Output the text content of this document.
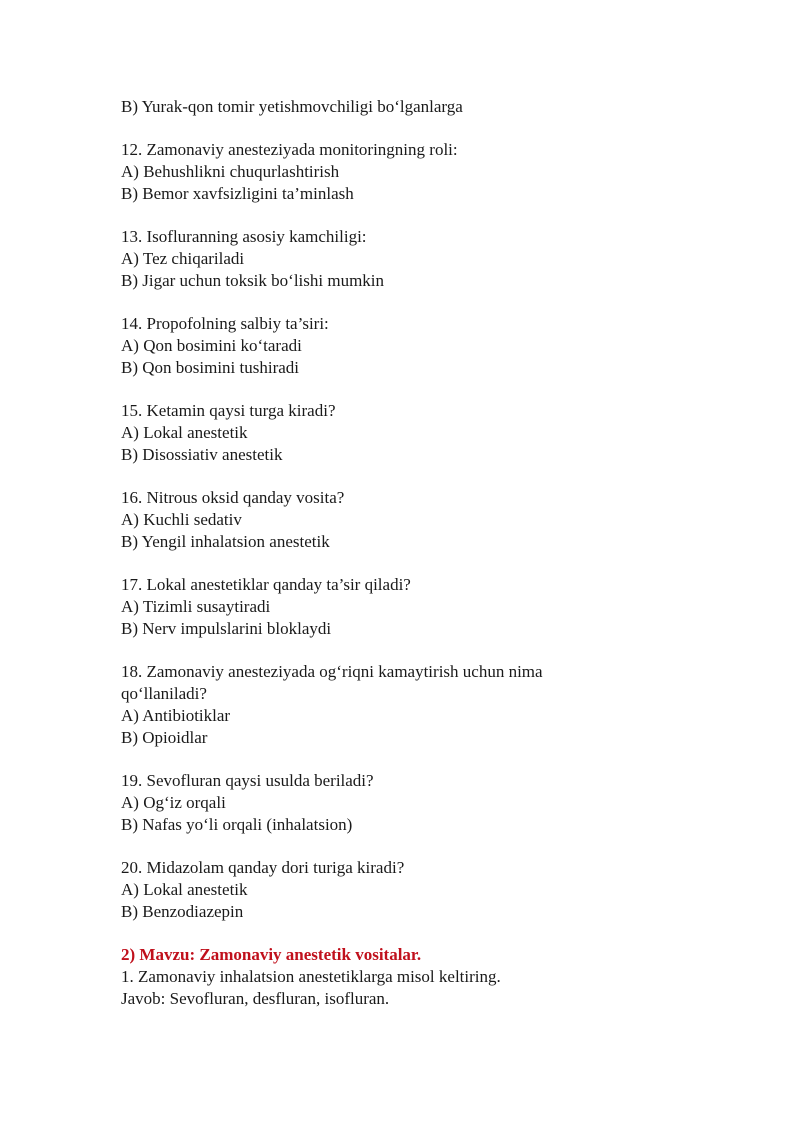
B) Yurak-qon tomir yetishmovchiligi bo‘lganlarga
12. Zamonaviy anesteziyada monitoringning roli:
A) Behushlikni chuqurlashtirish
B) Bemor xavfsizligini ta’minlash
13. Isofluranning asosiy kamchiligi:
A) Tez chiqariladi
B) Jigar uchun toksik bo‘lishi mumkin
14. Propofolning salbiy ta’siri:
A) Qon bosimini ko‘taradi
B) Qon bosimini tushiradi
15. Ketamin qaysi turga kiradi?
A) Lokal anestetik
B) Disossiativ anestetik
16. Nitrous oksid qanday vosita?
A) Kuchli sedativ
B) Yengil inhalatsion anestetik
17. Lokal anestetiklar qanday ta’sir qiladi?
A) Tizimli susaytiradi
B) Nerv impulslarini bloklaydi
18. Zamonaviy anesteziyada og‘riqni kamaytirish uchun nima
qo‘llaniladi?
A) Antibiotiklar
B) Opioidlar
19. Sevofluran qaysi usulda beriladi?
A) Og‘iz orqali
B) Nafas yo‘li orqali (inhalatsion)
20. Midazolam qanday dori turiga kiradi?
A) Lokal anestetik
B) Benzodiazepin
2) Mavzu: Zamonaviy anestetik vositalar.
1. Zamonaviy inhalatsion anestetiklarga misol keltiring.
Javob: Sevofluran, desfluran, isofluran.
